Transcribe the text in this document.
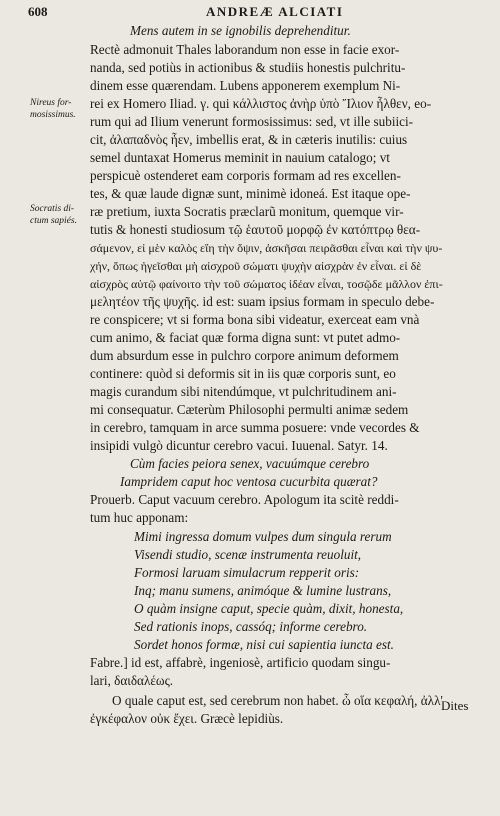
608	ANDREÆ ALCIATI
Nireus for-
mosissimus.
Socratis di-
ctum sapiés.
Mens autem in se ignobilis deprehenditur.
Rectè admonuit Thales laborandum non esse in facie exor-
nanda, sed potiùs in actionibus & studiis honestis pulchritu-
dinem esse quærendam. Lubens apponerem exemplum Ni-
rei ex Homero Iliad. γ. qui κάλλιστος ἀνὴρ ὑπὸ Ἴλιον ἦλθεν, eo-
rum qui ad Ilium venerunt formosissimus: sed, vt ille subiici-
cit, ἀλαπαδνὸς ἦεν, imbellis erat, & in cæteris inutilis: cuius
semel duntaxat Homerus meminit in nauium catalogo; vt
perspicuè ostenderet eam corporis formam ad res excellen-
tes, & quæ laude dignæ sunt, minimè idoneá. Est itaque ope-
ræ pretium, iuxta Socratis præclarũ monitum, quemque vir-
tutis & honesti studiosum τῷ ἑαυτοῦ μορφῷ ἐν κατόπτρῳ θεα-
σάμενον, εἰ μὲν καλὸς εἴη τὴν ὄψιν, ἀσκῆσαι πειρᾶσθαι εἶναι καὶ τὴν ψυ-
χήν, ὅπως ἡγεῖσθαι μὴ αἰσχροῦ σώματι ψυχὴν αἰσχρὰν ἐν εἶναι. εἰ δὲ
αἰσχρὸς αὐτῷ φαίνοιτο τὴν τοῦ σώματος ἰδέαν εἶναι, τοσῷδε μᾶλλον ἐπι-
μελητέον τῆς ψυχῆς. id est: suam ipsius formam in speculo debe-
re conspicere; vt si forma bona sibi videatur, exerceat eam vnà
cum animo, & faciat quæ forma digna sunt: vt putet admo-
dum absurdum esse in pulchro corpore animum deformem
continere: quòd si deformis sit in iis quæ corporis sunt, eo
magis curandum sibi nitendúmque, vt pulchritudinem ani-
mi consequatur. Cæterùm Philosophi permulti animæ sedem
in cerebro, tamquam in arce summa posuere: vnde vecordes &
insipidi vulgò dicuntur cerebro vacui. Iuuenal. Satyr. 14.
Cùm facies peiora senex, vacuúmque cerebro
Iampridem caput hoc ventosa cucurbita quærat?
Prouerb. Caput vacuum cerebro. Apologum ita scitè reddi-
tum huc apponam:
Mimi ingressa domum vulpes dum singula rerum
Visendi studio, scenæ instrumenta reuoluit,
Formosi laruam simulacrum repperit oris:
Inq; manu sumens, animóque & lumine lustrans,
O quàm insigne caput, specie quàm, dixit, honesta,
Sed rationis inops, cassóq; informe cerebro.
Sordet honos formæ, nisi cui sapientia iuncta est.
Fabre.] id est, affabrè, ingeniosè, artificio quodam singu-
lari, δαιδαλέως.
O quale caput est, sed cerebrum non habet. ὦ οἵα κεφαλή, ἀλλ'
ἐγκέφαλον οὐκ ἔχει. Græcè lepidiùs.
Dites
